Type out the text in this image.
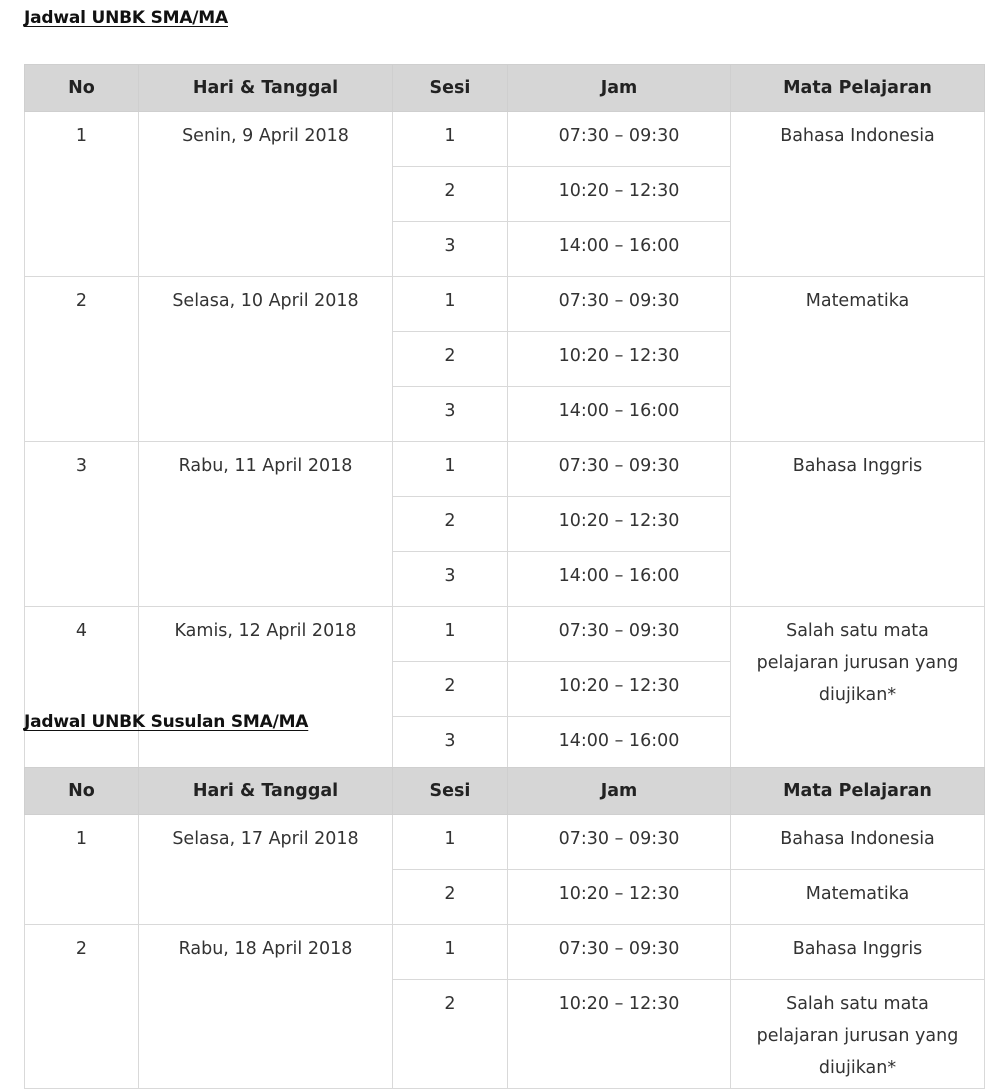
Jadwal UNBK SMA/MA
No	Hari & Tanggal	Sesi	Jam	Mata Pelajaran
1	Senin, 9 April 2018	1	07:30 – 09:30	Bahasa Indonesia
		2	10:20 – 12:30	
		3	14:00 – 16:00	
2	Selasa, 10 April 2018	1	07:30 – 09:30	Matematika
		2	10:20 – 12:30	
		3	14:00 – 16:00	
3	Rabu, 11 April 2018	1	07:30 – 09:30	Bahasa Inggris
		2	10:20 – 12:30	
		3	14:00 – 16:00	
4	Kamis, 12 April 2018	1	07:30 – 09:30	Salah satu mata pelajaran jurusan yang diujikan*
		2	10:20 – 12:30	
		3	14:00 – 16:00	
Jadwal UNBK Susulan SMA/MA
No	Hari & Tanggal	Sesi	Jam	Mata Pelajaran
1	Selasa, 17 April 2018	1	07:30 – 09:30	Bahasa Indonesia
		2	10:20 – 12:30	Matematika
2	Rabu, 18 April 2018	1	07:30 – 09:30	Bahasa Inggris
		2	10:20 – 12:30	Salah satu mata pelajaran jurusan yang diujikan*
